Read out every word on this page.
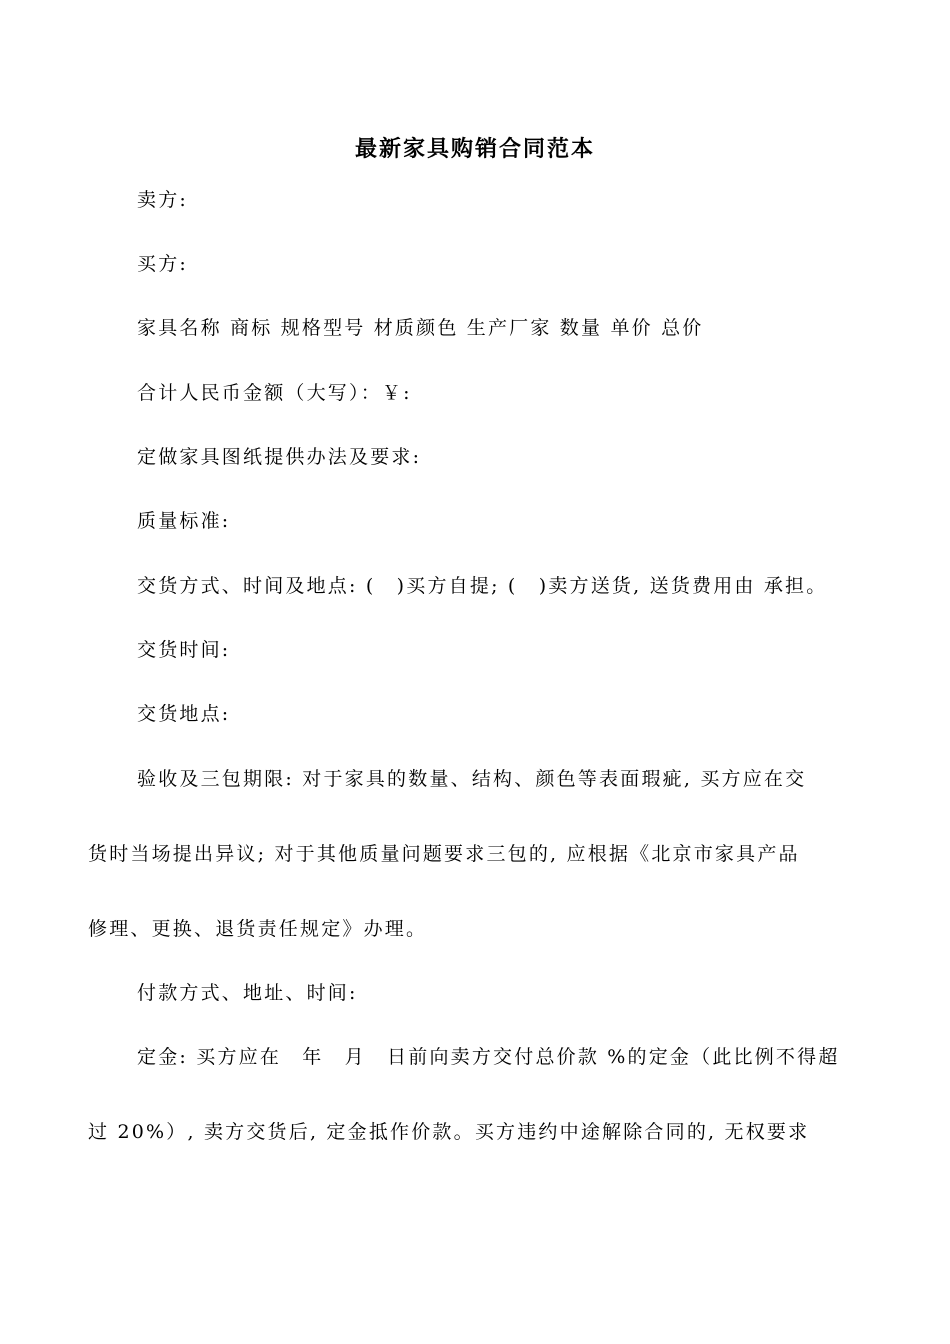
最新家具购销合同范本

卖方:

买方:

家具名称 商标 规格型号 材质颜色 生产厂家 数量 单价 总价

合计人民币金额（大写）：￥:

定做家具图纸提供办法及要求:

质量标准:

交货方式、时间及地点: (　)买方自提; (　)卖方送货, 送货费用由 承担。

交货时间:

交货地点:

验收及三包期限: 对于家具的数量、结构、颜色等表面瑕疵, 买方应在交

货时当场提出异议; 对于其他质量问题要求三包的, 应根据《北京市家具产品

修理、更换、退货责任规定》办理。

付款方式、地址、时间:

定金: 买方应在　年　月　日前向卖方交付总价款 %的定金（此比例不得超

过 20%）, 卖方交货后, 定金抵作价款。买方违约中途解除合同的, 无权要求
